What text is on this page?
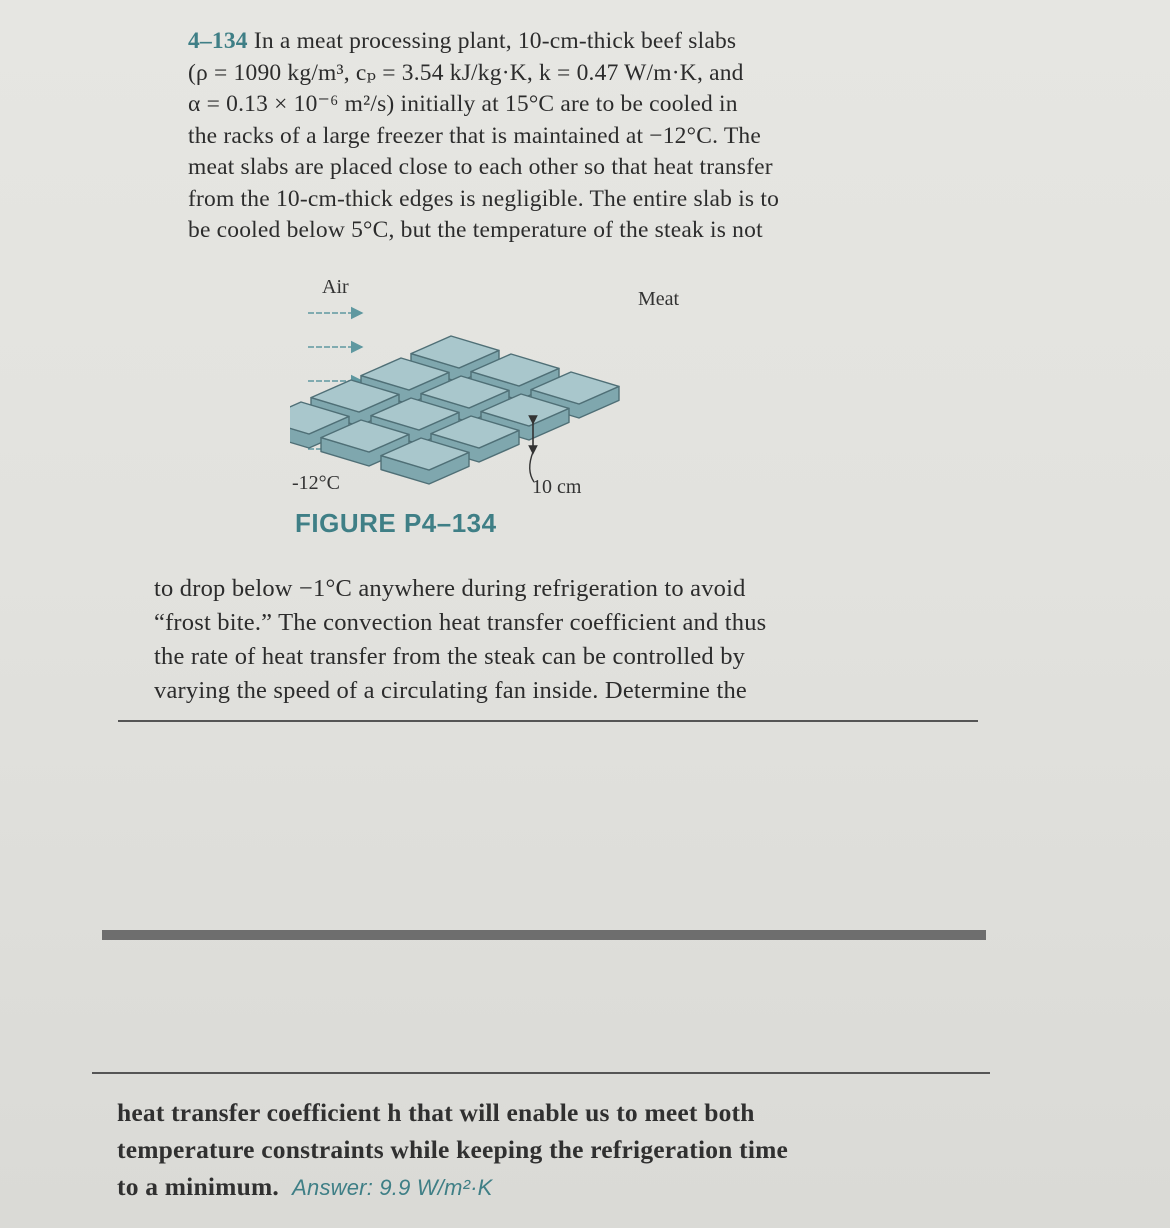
4–134 In a meat processing plant, 10-cm-thick beef slabs
(ρ = 1090 kg/m³, cₚ = 3.54 kJ/kg·K, k = 0.47 W/m·K, and
α = 0.13 × 10⁻⁶ m²/s) initially at 15°C are to be cooled in
the racks of a large freezer that is maintained at −12°C. The
meat slabs are placed close to each other so that heat transfer
from the 10-cm-thick edges is negligible. The entire slab is to
be cooled below 5°C, but the temperature of the steak is not
Air
Meat
-12°C	10 cm
FIGURE P4–134
to drop below −1°C anywhere during refrigeration to avoid
“frost bite.” The convection heat transfer coefficient and thus
the rate of heat transfer from the steak can be controlled by
varying the speed of a circulating fan inside. Determine the
heat transfer coefficient h that will enable us to meet both
temperature constraints while keeping the refrigeration time
to a minimum. Answer: 9.9 W/m²·K
